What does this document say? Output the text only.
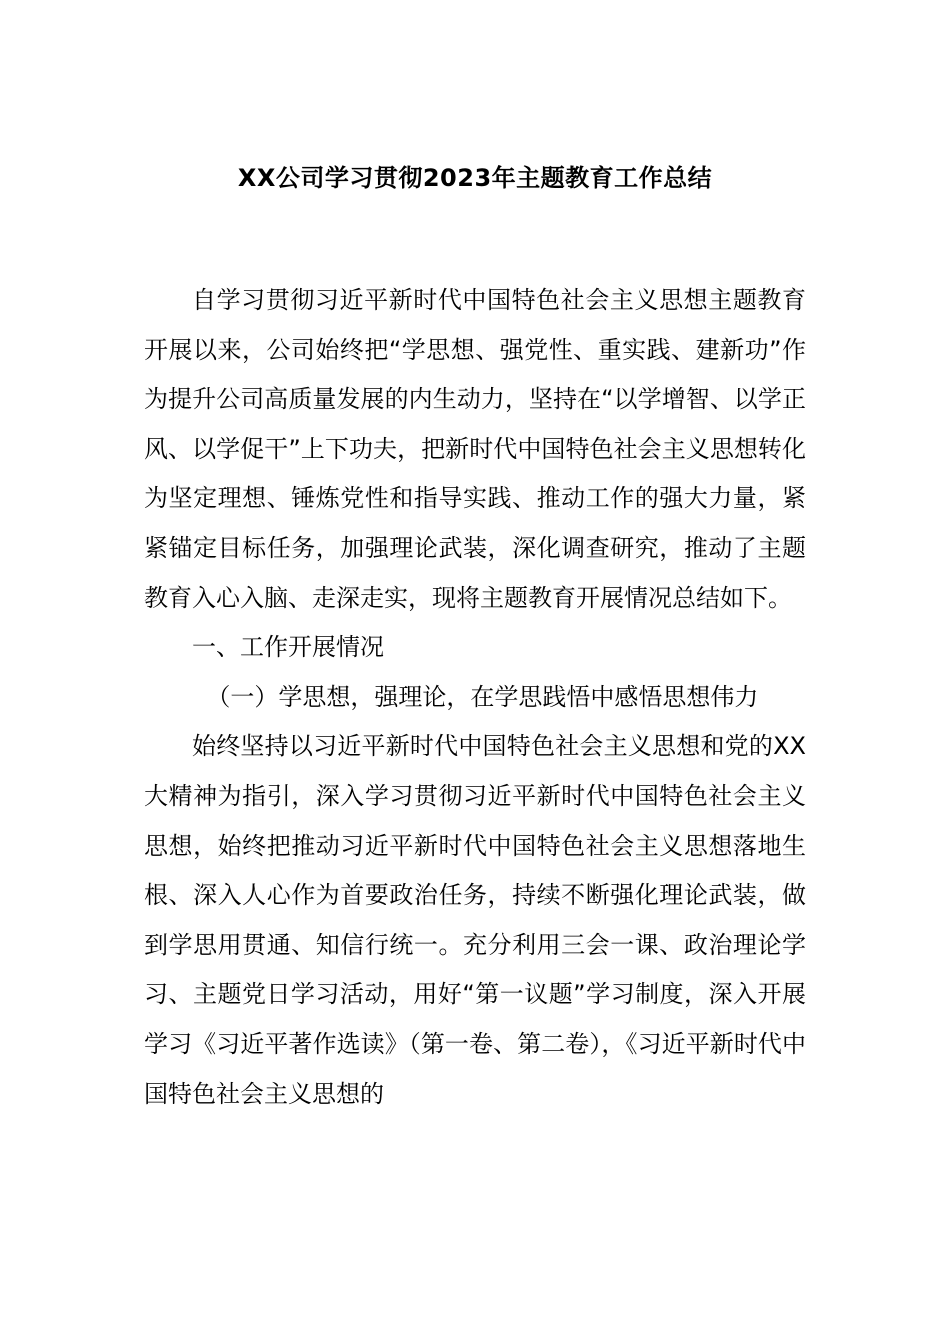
XX公司学习贯彻2023年主题教育工作总结

自学习贯彻习近平新时代中国特色社会主义思想主题教育开展以来，公司始终把“学思想、强党性、重实践、建新功”作为提升公司高质量发展的内生动力，坚持在“以学增智、以学正风、以学促干”上下功夫，把新时代中国特色社会主义思想转化为坚定理想、锤炼党性和指导实践、推动工作的强大力量，紧紧锚定目标任务，加强理论武装，深化调查研究，推动了主题教育入心入脑、走深走实，现将主题教育开展情况总结如下。

一、工作开展情况

（一）学思想，强理论，在学思践悟中感悟思想伟力

始终坚持以习近平新时代中国特色社会主义思想和党的XX大精神为指引，深入学习贯彻习近平新时代中国特色社会主义思想，始终把推动习近平新时代中国特色社会主义思想落地生根、深入人心作为首要政治任务，持续不断强化理论武装，做到学思用贯通、知信行统一。充分利用三会一课、政治理论学习、主题党日学习活动，用好“第一议题”学习制度，深入开展学习《习近平著作选读》（第一卷、第二卷），《习近平新时代中国特色社会主义思想的
